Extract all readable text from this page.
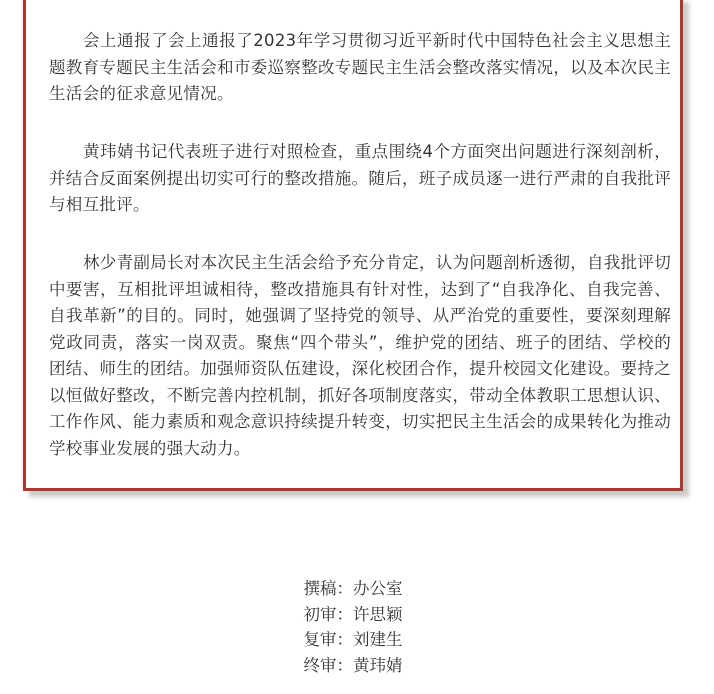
会上通报了会上通报了2023年学习贯彻习近平新时代中国特色社会主义思想主题教育专题民主生活会和市委巡察整改专题民主生活会整改落实情况，以及本次民主生活会的征求意见情况。

黄玮婧书记代表班子进行对照检查，重点围绕4个方面突出问题进行深刻剖析，并结合反面案例提出切实可行的整改措施。随后，班子成员逐一进行严肃的自我批评与相互批评。

林少青副局长对本次民主生活会给予充分肯定，认为问题剖析透彻，自我批评切中要害，互相批评坦诚相待，整改措施具有针对性，达到了“自我净化、自我完善、自我革新”的目的。同时，她强调了坚持党的领导、从严治党的重要性，要深刻理解党政同责，落实一岗双责。聚焦“四个带头”，维护党的团结、班子的团结、学校的团结、师生的团结。加强师资队伍建设，深化校团合作，提升校园文化建设。要持之以恒做好整改，不断完善内控机制，抓好各项制度落实，带动全体教职工思想认识、工作作风、能力素质和观念意识持续提升转变，切实把民主生活会的成果转化为推动学校事业发展的强大动力。

撰稿： 办公室
初审： 许思颖
复审： 刘建生
终审： 黄玮婧
